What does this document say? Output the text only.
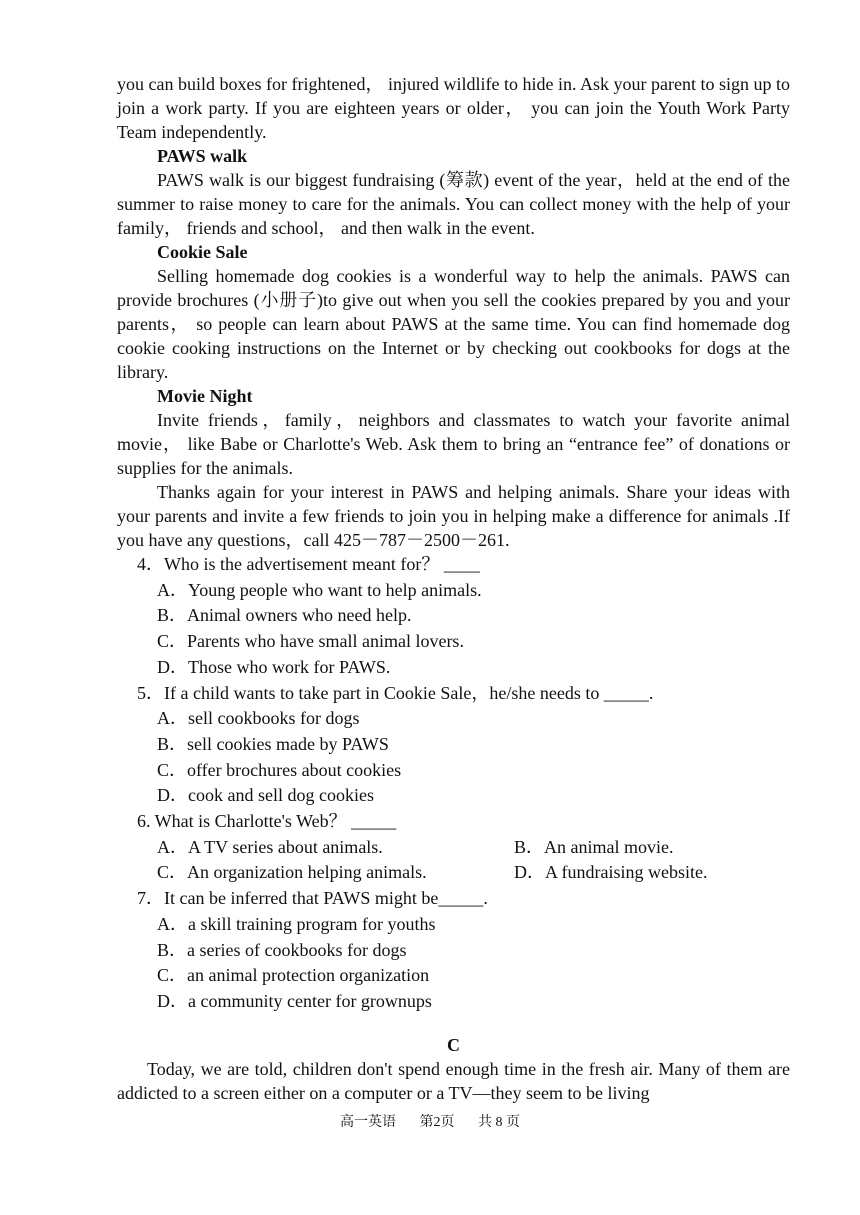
you can build boxes for frightened， injured wildlife to hide in. Ask your parent to sign up to join a work party. If you are eighteen years or older， you can join the Youth Work Party Team independently.

PAWS walk

PAWS walk is our biggest fundraising (筹款) event of the year，held at the end of the summer to raise money to care for the animals. You can collect money with the help of your family， friends and school， and then walk in the event.

Cookie Sale

Selling homemade dog cookies is a wonderful way to help the animals. PAWS can provide brochures (小册子)to give out when you sell the cookies prepared by you and your parents， so people can learn about PAWS at the same time. You can find homemade dog cookie cooking instructions on the Internet or by checking out cookbooks for dogs at the library.

Movie Night

Invite friends，family，neighbors and classmates to watch your favorite animal movie， like Babe or Charlotte's Web. Ask them to bring an “entrance fee” of donations or supplies for the animals.

Thanks again for your interest in PAWS and helping animals. Share your ideas with your parents and invite a few friends to join you in helping make a difference for animals .If you have any questions，call 425－787－2500－261.

4．Who is the advertisement meant for？ ____

A．Young people who want to help animals.

B．Animal owners who need help.

C．Parents who have small animal lovers.

D．Those who work for PAWS.

5．If a child wants to take part in Cookie Sale，he/she needs to _____.

A．sell cookbooks for dogs

B．sell cookies made by PAWS

C．offer brochures about cookies

D．cook and sell dog cookies

6. What is Charlotte's Web？ _____

A．A TV series about animals.	B．An animal movie.
C．An organization helping animals.	D．A fundraising website.

7．It can be inferred that PAWS might be_____.

A．a skill training program for youths

B．a series of cookbooks for dogs

C．an animal protection organization

D．a community center for grownups

C

Today, we are told, children don't spend enough time in the fresh air. Many of them are addicted to a screen either on a computer or a TV—they seem to be living

高一英语 第2页 共 8 页
